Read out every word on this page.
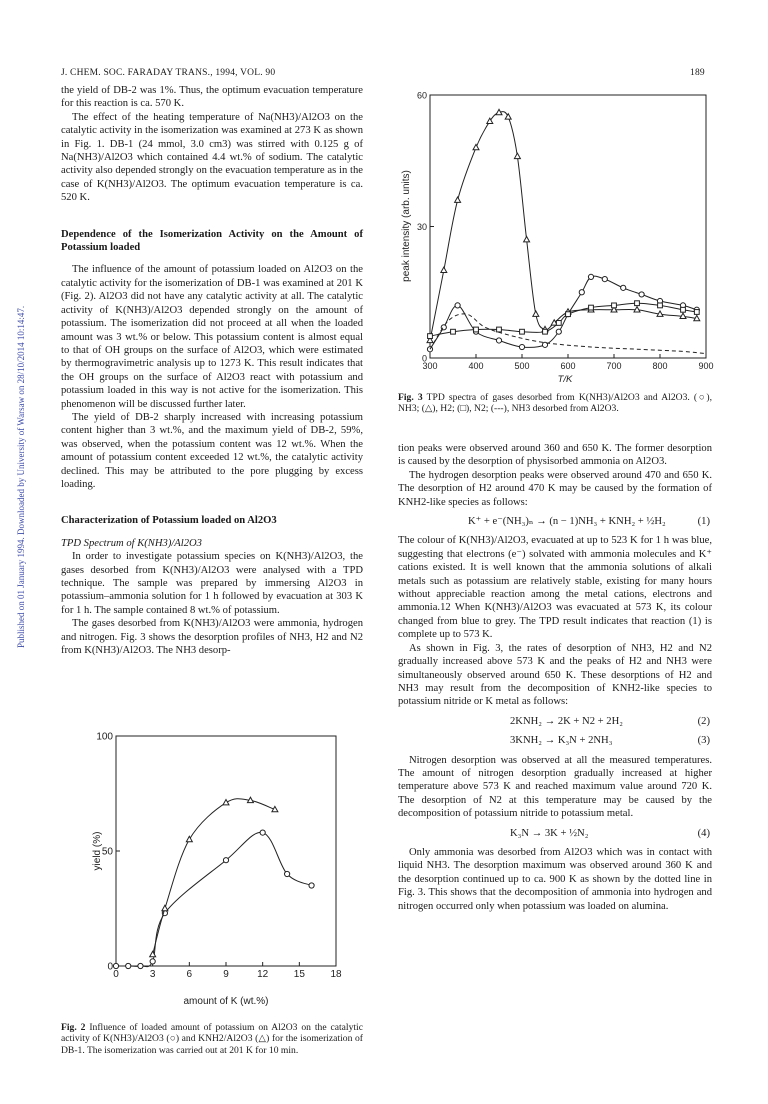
J. CHEM. SOC. FARADAY TRANS., 1994, VOL. 90	189
Published on 01 January 1994. Downloaded by University of Warsaw on 28/10/2014 10:14:47.

the yield of DB-2 was 1%. Thus, the optimum evacuation temperature for this reaction is ca. 570 K.

The effect of the heating temperature of Na(NH3)/Al2O3 on the catalytic activity in the isomerization was examined at 273 K as shown in Fig. 1. DB-1 (24 mmol, 3.0 cm3) was stirred with 0.125 g of Na(NH3)/Al2O3 which contained 4.4 wt.% of sodium. The catalytic activity also depended strongly on the evacuation temperature as in the case of K(NH3)/Al2O3. The optimum evacuation temperature is ca. 520 K.

Dependence of the Isomerization Activity on the Amount of Potassium loaded

The influence of the amount of potassium loaded on Al2O3 on the catalytic activity for the isomerization of DB-1 was examined at 201 K (Fig. 2). Al2O3 did not have any catalytic activity at all. The catalytic activity of K(NH3)/Al2O3 depended strongly on the amount of potassium. The isomerization did not proceed at all when the loaded amount was 3 wt.% or below. This potassium content is almost equal to that of OH groups on the surface of Al2O3, which were estimated by thermogravimetric analysis up to 1273 K. This result indicates that the OH groups on the surface of Al2O3 react with potassium and potassium loaded in this way is not active for the isomerization. This phenomenon will be discussed further later.

The yield of DB-2 sharply increased with increasing potassium content higher than 3 wt.%, and the maximum yield of DB-2, 59%, was observed, when the potassium content was 12 wt.%. When the amount of potassium content exceeded 12 wt.%, the catalytic activity declined. This may be attributed to the pore plugging by excess loading.

Characterization of Potassium loaded on Al2O3

TPD Spectrum of K(NH3)/Al2O3

In order to investigate potassium species on K(NH3)/Al2O3, the gases desorbed from K(NH3)/Al2O3 were analysed with a TPD technique. The sample was prepared by immersing Al2O3 in potassium–ammonia solution for 1 h followed by evacuation at 303 K for 1 h. The sample contained 8 wt.% of potassium.

The gases desorbed from K(NH3)/Al2O3 were ammonia, hydrogen and nitrogen. Fig. 3 shows the desorption profiles of NH3, H2 and N2 from K(NH3)/Al2O3. The NH3 desorp-

0	3	6	9	12	15	18
0
50
100
amount of K (wt.%)
yield (%)
Fig. 2 Influence of loaded amount of potassium on Al2O3 on the catalytic activity of K(NH3)/Al2O3 (○) and KNH2/Al2O3 (△) for the isomerization of DB-1. The isomerization was carried out at 201 K for 10 min.
300	400	500	600	700	800	900
0
30
60
T/K
peak intensity (arb. units)
Fig. 3 TPD spectra of gases desorbed from K(NH3)/Al2O3 and Al2O3. (○), NH3; (△), H2; (□), N2; (---), NH3 desorbed from Al2O3.

tion peaks were observed around 360 and 650 K. The former desorption is caused by the desorption of physisorbed ammonia on Al2O3.

The hydrogen desorption peaks were observed around 470 and 650 K. The desorption of H2 around 470 K may be caused by the formation of KNH2-like species as follows:

K⁺ + e⁻(NH₃)ₙ → (n − 1)NH₃ + KNH₂ + ½H₂	(1)

The colour of K(NH3)/Al2O3, evacuated at up to 523 K for 1 h was blue, suggesting that electrons (e⁻) solvated with ammonia molecules and K⁺ cations existed. It is well known that the ammonia solutions of alkali metals such as potassium are relatively stable, existing for many hours without appreciable reaction among the metal cations, electrons and ammonia.12 When K(NH3)/Al2O3 was evacuated at 573 K, its colour changed from blue to grey. The TPD result indicates that reaction (1) is complete up to 573 K.

As shown in Fig. 3, the rates of desorption of NH3, H2 and N2 gradually increased above 573 K and the peaks of H2 and NH3 were simultaneously observed around 650 K. These desorptions of H2 and NH3 may result from the decomposition of KNH2-like species to potassium nitride or K metal as follows:

2KNH₂ → 2K + N2 + 2H₂	(2)
3KNH₂ → K₃N + 2NH₃	(3)

Nitrogen desorption was observed at all the measured temperatures. The amount of nitrogen desorption gradually increased at higher temperature above 573 K and reached maximum value around 720 K. The desorption of N2 at this temperature may be caused by the decomposition of potassium nitride to potassium metal.

K₃N → 3K + ½N₂	(4)

Only ammonia was desorbed from Al2O3 which was in contact with liquid NH3. The desorption maximum was observed around 360 K and the desorption continued up to ca. 900 K as shown by the dotted line in Fig. 3. This shows that the decomposition of ammonia into hydrogen and nitrogen occurred only when potassium was loaded on alumina.
